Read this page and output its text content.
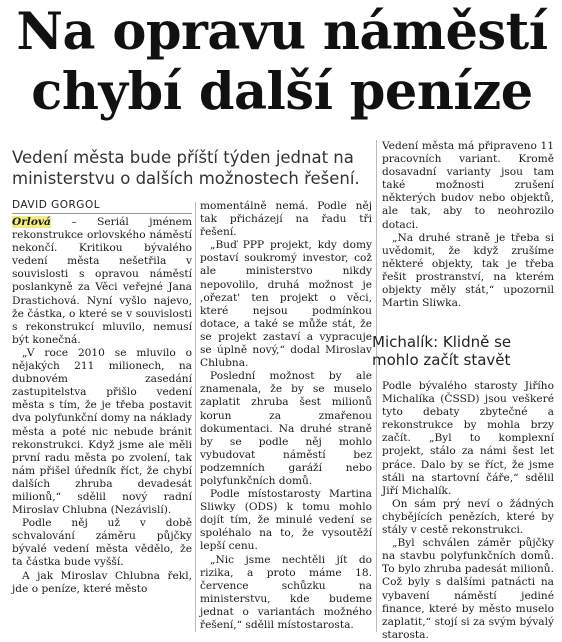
Na opravu náměstí
chybí další peníze
Vedení města bude příští týden jednat na ministerstvu o dalších možnostech řešení.
DAVID GORGOL

Orlová – Seriál jménem rekonstrukce orlovského náměstí nekončí. Kritikou bývalého vedení města nešetřila v souvislosti s opravou náměstí poslankyně za Věci veřejné Jana Drastichová. Nyní vyšlo najevo, že částka, o které se v souvislosti s rekonstrukcí mluvilo, nemusí být konečná.

„V roce 2010 se mluvilo o nějakých 211 milionech, na dubnovém zasedání zastupitelstva přišlo vedení města s tím, že je třeba postavit dva polyfunkční domy na náklady města a poté nic nebude bránit rekonstrukci. Když jsme ale měli první radu města po zvolení, tak nám přišel úředník říct, že chybí dalších zhruba devadesát milionů,“ sdělil nový radní Miroslav Chlubna (Nezávislí).

Podle něj už v době schvalování záměru půjčky bývalé vedení města vědělo, že ta částka bude vyšší.

A jak Miroslav Chlubna řekl, jde o peníze, které město

momentálně nemá. Podle něj tak přicházejí na řadu tři řešení.

„Buď PPP projekt, kdy domy postaví soukromý investor, což ale ministerstvo nikdy nepovolilo, druhá možnost je ,ořezat' ten projekt o věci, které nejsou podmínkou dotace, a také se může stát, že se projekt zastaví a vypracuje se úplně nový,“ dodal Miroslav Chlubna.

Poslední možnost by ale znamenala, že by se muselo zaplatit zhruba šest milionů korun za zmařenou dokumentaci. Na druhé straně by se podle něj mohlo vybudovat náměstí bez podzemních garáží nebo polyfunkčních domů.

Podle místostarosty Martina Sliwky (ODS) k tomu mohlo dojít tím, že minulé vedení se spoléhalo na to, že vysoutěží lepší cenu.

„Nic jsme nechtěli jít do rizika, a proto máme 18. července schůzku na ministerstvu, kde budeme jednat o variantách možného řešení,“ sdělil místostarosta.

Vedení města má připraveno 11 pracovních variant. Kromě dosavadní varianty jsou tam také možnosti zrušení některých budov nebo objektů, ale tak, aby to neohrozilo dotaci.

„Na druhé straně je třeba si uvědomit, že když zrušíme některé objekty, tak je třeba řešit prostranství, na kterém objekty měly stát,“ upozornil Martin Sliwka.

Michalík: Klidně se mohlo začít stavět

Podle bývalého starosty Jiřího Michalíka (ČSSD) jsou veškeré tyto debaty zbytečné a rekonstrukce by mohla brzy začít. „Byl to komplexní projekt, stálo za námi šest let práce. Dalo by se říct, že jsme stáli na startovní čáře,“ sdělil Jiří Michalík.

On sám prý neví o žádných chybějících penězích, které by stály v cestě rekonstrukci.

„Byl schválen záměr půjčky na stavbu polyfunkčních domů. To bylo zhruba padesát milionů. Což byly s dalšími patnácti na vybavení náměstí jediné finance, které by město muselo zaplatit,“ stojí si za svým bývalý starosta.
